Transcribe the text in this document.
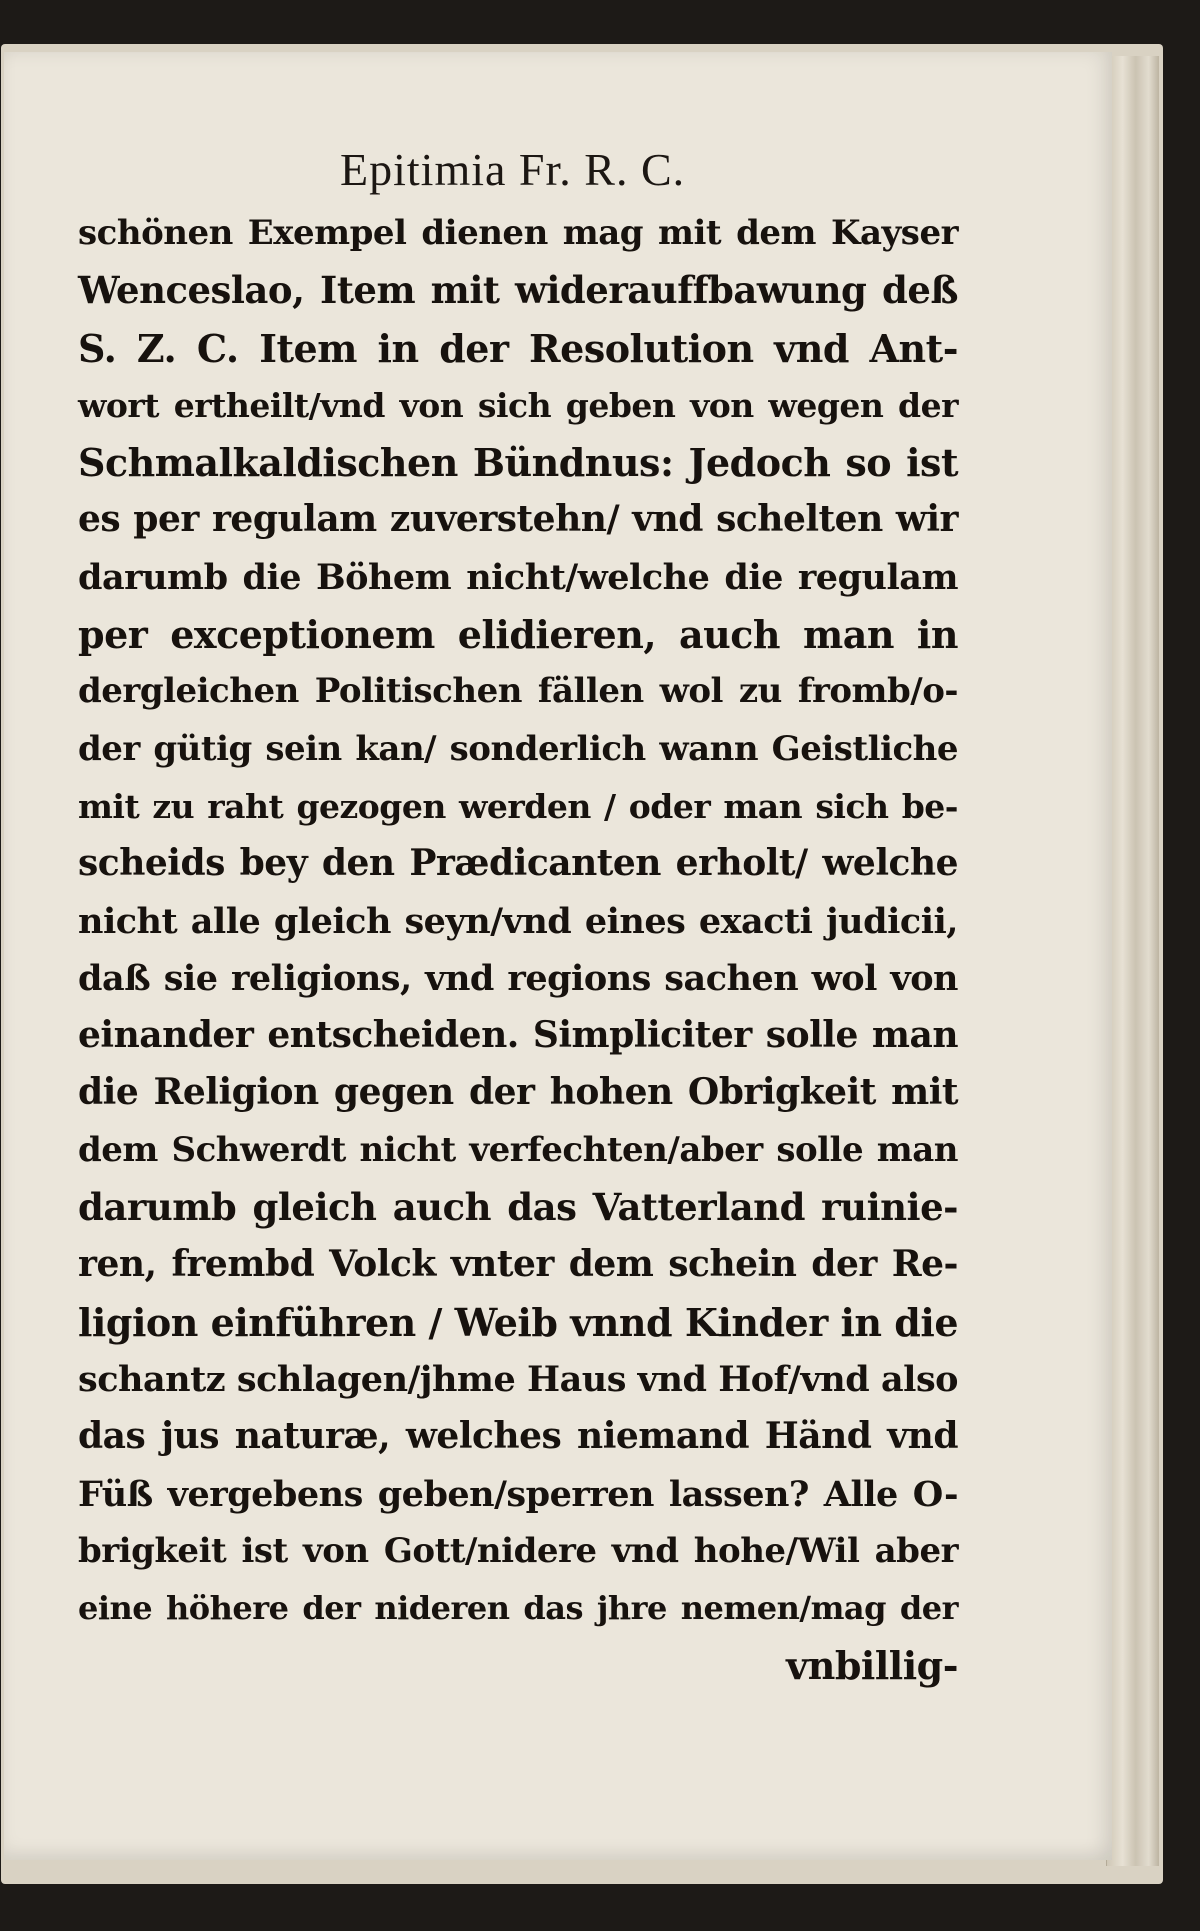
Epitimia Fr. R. C.
schönen Exempel dienen mag mit dem Kayser
Wenceslao, Item mit widerauffbawung deß
S. Z. C. Item in der Resolution vnd Ant-
wort ertheilt/vnd von sich geben von wegen der
Schmalkaldischen Bündnus: Jedoch so ist
es per regulam zuverstehn/ vnd schelten wir
darumb die Böhem nicht/welche die regulam
per exceptionem elidieren, auch man in
dergleichen Politischen fällen wol zu fromb/o-
der gütig sein kan/ sonderlich wann Geistliche
mit zu raht gezogen werden / oder man sich be-
scheids bey den Prædicanten erholt/ welche
nicht alle gleich seyn/vnd eines exacti judicii,
daß sie religions, vnd regions sachen wol von
einander entscheiden. Simpliciter solle man
die Religion gegen der hohen Obrigkeit mit
dem Schwerdt nicht verfechten/aber solle man
darumb gleich auch das Vatterland ruinie-
ren, frembd Volck vnter dem schein der Re-
ligion einführen / Weib vnnd Kinder in die
schantz schlagen/jhme Haus vnd Hof/vnd also
das jus naturæ, welches niemand Händ vnd
Füß vergebens geben/sperren lassen? Alle O-
brigkeit ist von Gott/nidere vnd hohe/Wil aber
eine höhere der nideren das jhre nemen/mag der
vnbillig-
